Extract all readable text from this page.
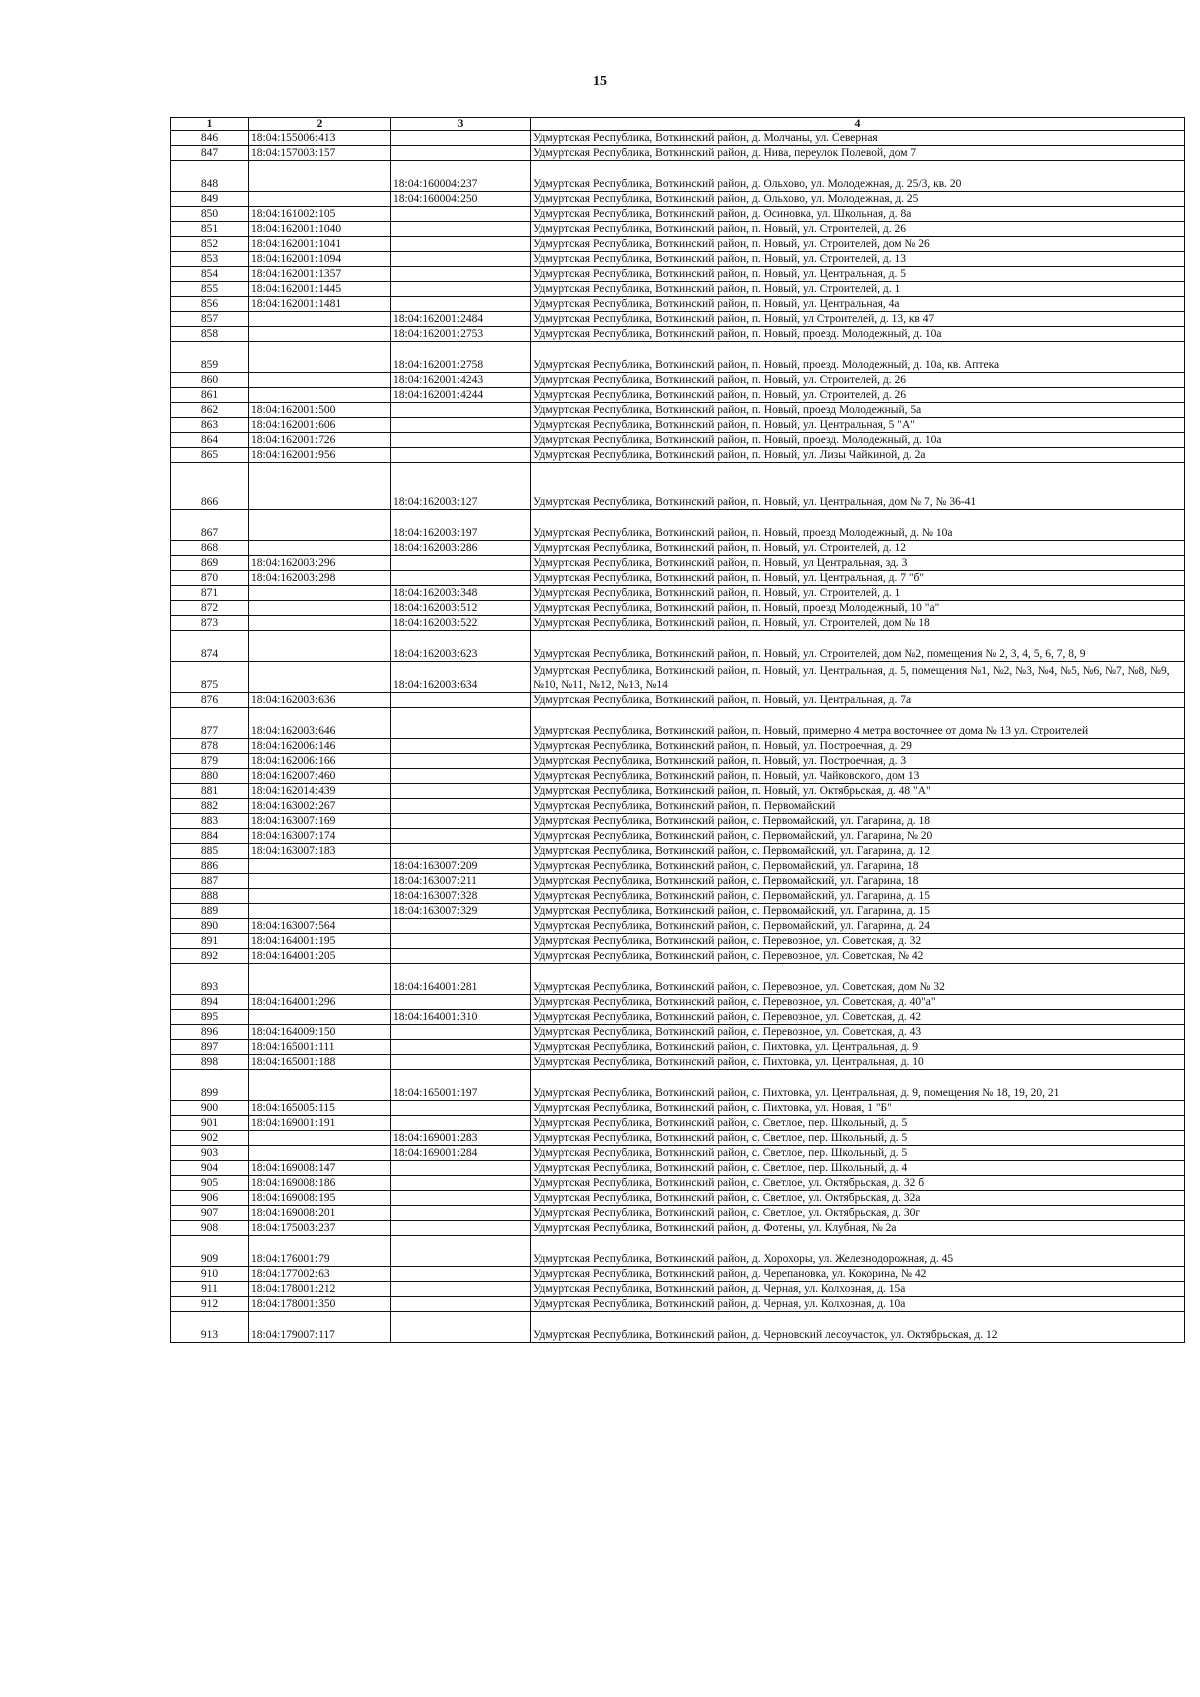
15
1	2	3	4
846	18:04:155006:413		Удмуртская Республика, Воткинский район, д. Молчаны, ул. Северная
847	18:04:157003:157		Удмуртская Республика, Воткинский район, д. Нива, переулок Полевой, дом 7
848		18:04:160004:237	Удмуртская Республика, Воткинский район, д. Ольхово, ул. Молодежная, д. 25/3, кв. 20
849		18:04:160004:250	Удмуртская Республика, Воткинский район, д. Ольхово, ул. Молодежная, д. 25
850	18:04:161002:105		Удмуртская Республика, Воткинский район, д. Осиновка, ул. Школьная, д. 8а
851	18:04:162001:1040		Удмуртская Республика, Воткинский район, п. Новый, ул. Строителей, д. 26
852	18:04:162001:1041		Удмуртская Республика, Воткинский район, п. Новый, ул. Строителей, дом № 26
853	18:04:162001:1094		Удмуртская Республика, Воткинский район, п. Новый, ул. Строителей, д. 13
854	18:04:162001:1357		Удмуртская Республика, Воткинский район, п. Новый, ул. Центральная, д. 5
855	18:04:162001:1445		Удмуртская Республика, Воткинский район, п. Новый, ул. Строителей, д. 1
856	18:04:162001:1481		Удмуртская Республика, Воткинский район, п. Новый, ул. Центральная, 4а
857		18:04:162001:2484	Удмуртская Республика, Воткинский район, п. Новый, ул Строителей, д. 13, кв 47
858		18:04:162001:2753	Удмуртская Республика, Воткинский район, п. Новый, проезд. Молодежный, д. 10а
859		18:04:162001:2758	Удмуртская Республика, Воткинский район, п. Новый, проезд. Молодежный, д. 10а, кв. Аптека
860		18:04:162001:4243	Удмуртская Республика, Воткинский район, п. Новый, ул. Строителей, д. 26
861		18:04:162001:4244	Удмуртская Республика, Воткинский район, п. Новый, ул. Строителей, д. 26
862	18:04:162001:500		Удмуртская Республика, Воткинский район, п. Новый, проезд Молодежный, 5а
863	18:04:162001:606		Удмуртская Республика, Воткинский район, п. Новый, ул. Центральная, 5 "А"
864	18:04:162001:726		Удмуртская Республика, Воткинский район, п. Новый, проезд. Молодежный, д. 10а
865	18:04:162001:956		Удмуртская Республика, Воткинский район, п. Новый, ул. Лизы Чайкиной, д. 2а
866		18:04:162003:127	Удмуртская Республика, Воткинский район, п. Новый, ул. Центральная, дом № 7, № 36-41
867		18:04:162003:197	Удмуртская Республика, Воткинский район, п. Новый, проезд Молодежный, д. № 10а
868		18:04:162003:286	Удмуртская Республика, Воткинский район, п. Новый, ул. Строителей, д. 12
869	18:04:162003:296		Удмуртская Республика, Воткинский район, п. Новый, ул Центральная, зд. 3
870	18:04:162003:298		Удмуртская Республика, Воткинский район, п. Новый, ул. Центральная, д. 7 "б"
871		18:04:162003:348	Удмуртская Республика, Воткинский район, п. Новый, ул. Строителей, д. 1
872		18:04:162003:512	Удмуртская Республика, Воткинский район, п. Новый, проезд Молодежный, 10 "а"
873		18:04:162003:522	Удмуртская Республика, Воткинский район, п. Новый, ул. Строителей, дом № 18
874		18:04:162003:623	Удмуртская Республика, Воткинский район, п. Новый, ул. Строителей, дом №2, помещения № 2, 3, 4, 5, 6, 7, 8, 9
875		18:04:162003:634	Удмуртская Республика, Воткинский район, п. Новый, ул. Центральная, д. 5, помещения №1, №2, №3, №4, №5, №6, №7, №8, №9, №10, №11, №12, №13, №14
876	18:04:162003:636		Удмуртская Республика, Воткинский район, п. Новый, ул. Центральная, д. 7а
877	18:04:162003:646		Удмуртская Республика, Воткинский район, п. Новый, примерно 4 метра восточнее от дома № 13 ул. Строителей
878	18:04:162006:146		Удмуртская Республика, Воткинский район, п. Новый, ул. Построечная, д. 29
879	18:04:162006:166		Удмуртская Республика, Воткинский район, п. Новый, ул. Построечная, д. 3
880	18:04:162007:460		Удмуртская Республика, Воткинский район, п. Новый, ул. Чайковского, дом 13
881	18:04:162014:439		Удмуртская Республика, Воткинский район, п. Новый, ул. Октябрьская, д. 48 "А"
882	18:04:163002:267		Удмуртская Республика, Воткинский район, п. Первомайский
883	18:04:163007:169		Удмуртская Республика, Воткинский район, с. Первомайский, ул. Гагарина, д. 18
884	18:04:163007:174		Удмуртская Республика, Воткинский район, с. Первомайский, ул. Гагарина, № 20
885	18:04:163007:183		Удмуртская Республика, Воткинский район, с. Первомайский, ул. Гагарина, д. 12
886		18:04:163007:209	Удмуртская Республика, Воткинский район, с. Первомайский, ул. Гагарина, 18
887		18:04:163007:211	Удмуртская Республика, Воткинский район, с. Первомайский, ул. Гагарина, 18
888		18:04:163007:328	Удмуртская Республика, Воткинский район, с. Первомайский, ул. Гагарина, д. 15
889		18:04:163007:329	Удмуртская Республика, Воткинский район, с. Первомайский, ул. Гагарина, д. 15
890	18:04:163007:564		Удмуртская Республика, Воткинский район, с. Первомайский, ул. Гагарина, д. 24
891	18:04:164001:195		Удмуртская Республика, Воткинский район, с. Перевозное, ул. Советская, д. 32
892	18:04:164001:205		Удмуртская Республика, Воткинский район, с. Перевозное, ул. Советская, № 42
893		18:04:164001:281	Удмуртская Республика, Воткинский район, с. Перевозное, ул. Советская, дом № 32
894	18:04:164001:296		Удмуртская Республика, Воткинский район, с. Перевозное, ул. Советская, д. 40"а"
895		18:04:164001:310	Удмуртская Республика, Воткинский район, с. Перевозное, ул. Советская, д. 42
896	18:04:164009:150		Удмуртская Республика, Воткинский район, с. Перевозное, ул. Советская, д. 43
897	18:04:165001:111		Удмуртская Республика, Воткинский район, с. Пихтовка, ул. Центральная, д. 9
898	18:04:165001:188		Удмуртская Республика, Воткинский район, с. Пихтовка, ул. Центральная, д. 10
899		18:04:165001:197	Удмуртская Республика, Воткинский район, с. Пихтовка, ул. Центральная, д. 9, помещения № 18, 19, 20, 21
900	18:04:165005:115		Удмуртская Республика, Воткинский район, с. Пихтовка, ул. Новая, 1 "Б"
901	18:04:169001:191		Удмуртская Республика, Воткинский район, с. Светлое, пер. Школьный, д. 5
902		18:04:169001:283	Удмуртская Республика, Воткинский район, с. Светлое, пер. Школьный, д. 5
903		18:04:169001:284	Удмуртская Республика, Воткинский район, с. Светлое, пер. Школьный, д. 5
904	18:04:169008:147		Удмуртская Республика, Воткинский район, с. Светлое, пер. Школьный, д. 4
905	18:04:169008:186		Удмуртская Республика, Воткинский район, с. Светлое, ул. Октябрьская, д. 32 б
906	18:04:169008:195		Удмуртская Республика, Воткинский район, с. Светлое, ул. Октябрьская, д. 32а
907	18:04:169008:201		Удмуртская Республика, Воткинский район, с. Светлое, ул. Октябрьская, д. 30г
908	18:04:175003:237		Удмуртская Республика, Воткинский район, д. Фотены, ул. Клубная, № 2а
909	18:04:176001:79		Удмуртская Республика, Воткинский район, д. Хорохоры, ул. Железнодорожная, д. 45
910	18:04:177002:63		Удмуртская Республика, Воткинский район, д. Черепановка, ул. Кокорина, № 42
911	18:04:178001:212		Удмуртская Республика, Воткинский район, д. Черная, ул. Колхозная, д. 15а
912	18:04:178001:350		Удмуртская Республика, Воткинский район, д. Черная, ул. Колхозная, д. 10а
913	18:04:179007:117		Удмуртская Республика, Воткинский район, д. Черновский лесоучасток, ул. Октябрьская, д. 12
